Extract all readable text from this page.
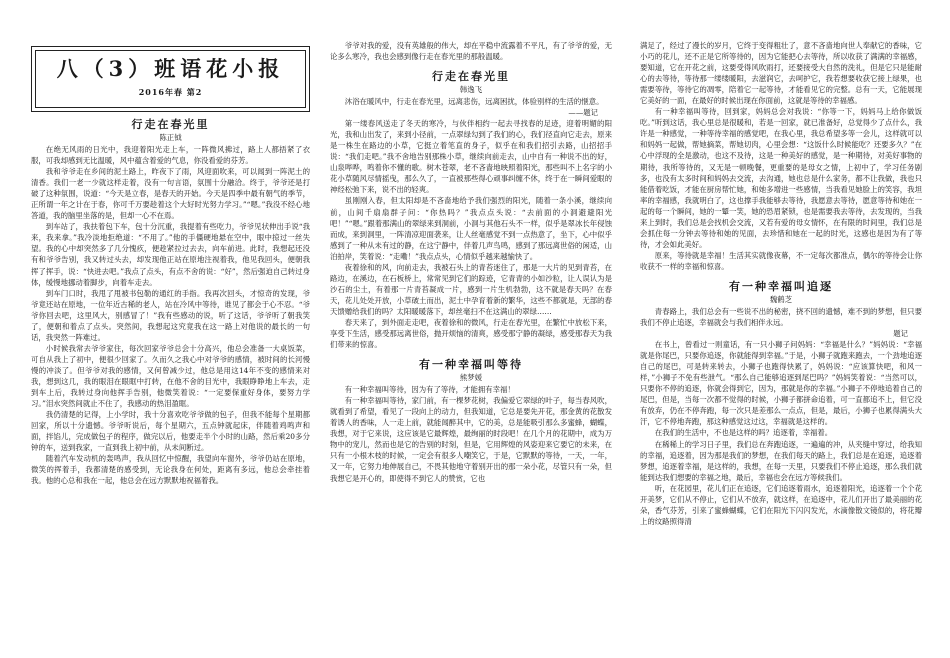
八（3）班语花小报
2016年春 第2
行走在春光里
陈正钺

在绝无风雨的日光中，我迎着阳光走上车，一阵微风拂过，路上人都捂紧了衣服，可我却感到无比温暖，风中蕴含着爱的气息，你没看爱的芬芳。

我和爷爷走在乡间的泥土路上，昨夜下了雨，风迎面吹来，可以闻到一阵泥土的清香。我们一老一少就这样走着，没有一句言语，氛围十分融洽。终于，爷爷还是打破了这种氛围，说道：“今天是立春，是春天的开始。今天是四季中最有朝气的季节，正所谓一年之计在于春，你可千万要趁着这个大好时光努力学习。”“嗯。”我没不经心地答道，我的脑里坐落的是，但却一心不在焉。

到车站了，我扶着包下车，包十分沉重，我提着有些吃力，爷爷见状伸出手说“我来，我来拿。”我冷淡地拒绝道：“不用了。”他的手僵硬地悬在空中，眼中掠过一丝失望。我的心中却突然多了几分愧疚，便趁紧拉过去去，向车前进。此时，我想起还没有和爷爷告别，我又转过头去，却发现他正站在原地注视着我，他见我回头，便朝我挥了挥手，说：“快进去吧。”我点了点头，有点不舍的说：“好”，然后强迫自己转过身体，缓慢地挪动着脚步，向着车走去。

到车门口时，我甩了甩被书包勒的通红的手指。我再次回头，才惊奇的发现，爷爷竟还站在原地，一位年近古稀的老人，站在冷风中等待，谁见了都会于心不忍。“爷爷你回去吧，这里风大，别感冒了！”我有些感动的说，听了这话，爷爷听了朝我笑了，便朝和着点了点头。突然间，我想起这究竟我在这一路上对他说的最长的一句话，我突然一阵难过。

小时候我常去爷爷家住，每次回家爷爷总会十分高兴，他总会准备一大桌饭菜，可自从我上了初中，便很少回家了。久而久之我心中对爷爷的感情，被时间的长河慢慢的冲淡了。但爷爷对我的感情，又何曾减少过，他总是用这14年不变的感情来对我，想到这几，我的眼泪在眼眶中打转，在他不舍的目光中，我眼睁睁地上车去，走到车上后，我转过身向他挥手告别，他微笑着说：“一定要保重好身体，要努力学习。”泪水突然间就止不住了，我感动的热泪盈眶。

我仍清楚的记得，上小学时，我十分喜欢吃爷爷做的包子，但我不能每个星期都回家，所以十分遗憾。爷爷听说后，每个星期六，五点钟就起床，伴随着鸡鸣声和面，拌馅儿，完成做包子的程序，做完以后，他要走半个小时的山路，然后乘20多分钟的车，送到我家，一直到我上初中前，从未间断过。

随着汽车发动机的轰鸣声，我从回忆中惊醒，我望向车窗外，爷爷仍站在原地，微笑的挥着手，我都清楚的感受到，无论我身在何处，距离有多远，他总会牵挂着我。他的心总和我在一起，他总会在远方默默地祝福着我。

爷爷对我的爱，没有英雄般的伟大，却在平稳中流露着不平凡，有了爷爷的爱，无论多么寒冷，我也会感到像行走在春光里的那般温暖。

行走在春光里
韩逸飞

沐浴在暖风中，行走在春光里，远离悲伤，远离困扰，体验别样的生活的惬意。

——题记

第一缕春风送走了冬天的寒冷，与伙伴相约一起去寻找春的足迹，迎着明媚的阳光，我和山出发了，来到小径前，一点翠绿勾到了我们的心，我们径直向它走去，原来是一株生在路边的小草，它挺立着笔直的身子，似乎在和我们招引去路，山招招手说：“我们走吧。”我不舍地告别那株小草，继续向前走去，山中自有一种说不出的好，山泉哔哗，鸣着你不懂的歌。树木苍翠，老不吝啬地映照着阳光，那些叫不上名字的小花小草随风尽情摇曳，那么久了，一直被那些得心顽事纠缠不休，终于在一瞬间爱眼的神经松弛下来，说不出的轻爽。

虽刚刚入春，但太阳却是不吝啬地给予我们强烈的阳光，随着一条小溪，继续向前，山间千扇扇群子问：“你热吗？”我点点头说：“去前面的小洞避避阳光吧！”“嗯。”跟着那满山的翠绿来到洞前，小洞与其他石头不一样，似乎是翠冰长年侵蚀而成，来到洞里，一阵清凉迎面袭来，让人丝毫感觉不到一点热意了，坐下，心中似乎感到了一种从未有过的静，在这宁静中，伴着几声鸟鸣，感到了那远离世俗的闲适，山泊拍岸，笑着说：“走嘞！”我点点头，心情似乎越来越愉快了。

夜着徐和的风，向前走去，我被石头上的青苔迷住了，那是一大片的见到青苔，在路边，在溪边，在石板桥上，常常见到它们的踪迹，它青青的小如沙粒，让人误认为是沙石的尘土，有着那一片青苔凝成一片，感到一片生机勃勃，这不就是春天吗？在春天，花儿处处开放，小草破土而出，泥土中孕育着新的繁华，这些不都就是，无部的春天馈赠给我们的吗？太阳暖暖落下，却丝毫扫不在这满山的翠绿……

春天来了，到外面走走吧，夜着徐和的微风，行走在春光里，在繁忙中放松下来，享受下生活，感受那远离世俗，抛开烦恼的清爽，感受那宁静的凝绿，感受那春天为我们带来的惊喜。

有一种幸福叫等待
熊梦媛

有一种幸福叫等待，因为有了等待，才能拥有幸福！

有一种幸福叫等待，家门前，有一棵梦花树，我偏爱它翠绿的叶子，每当春风吹，就看到了希望，看见了一段向上的动力，但我知道，它总是要先开花，那金黄的花散发着诱人的香味，人一走上前，就能闻醉其中，它的美，总是能吸引那么多蜜蜂，蝴蝶，我想，对于它来说，这应该是它最辉煌，最绚丽的时段吧！在几个月的花期中，成为万物中的宠儿，然而也是它的告别的时刻，但是，它用辉煌的风姿迎来它要它的未来，在只有一小根木枝的时候，一定会有很多人嘲笑它，于是，它默默的等待，一天，一年，又一年，它努力地伸展自己，不畏其他地守着别开出的那一朵小花，尽管只有一朵，但我想它是开心的，即使得不到它人的赞赏，它也

满足了，经过了漫长的岁月，它终于变得粗壮了，意不吝啬地向世人奉献它的香味，它小巧的花儿，还不正是它所等待的，因为它能把心去等待，所以收获了满满的幸福感，要知道，它在开花之前，这要受得风吹雨打，还要接受大自然的洗礼，但是它只是能耐心的去等待，等待那一缕缕暖阳，去滋润它，去呵护它，我若想要收获它接上绿果，也需要等待，等待它的凋零，陪着它一起等待，才能看见它的完整。总有一天，它能展现它美好的一面，在最好的时候出现在你面前，这就是等待的幸福感。

有一种幸福叫等待，回到家，妈妈总会对我说：“你等一下，妈妈马上给你做饭吃。”听到这话，我心里总是很暖和，若是一回家，就已准备好，总觉得少了点什么，我许是一种感觉，一种等待幸福的感觉吧，在我心里，我总希望多等一会儿，这样就可以和妈妈一起做，帮她摘菜，帮她切肉，心里会想：“这饭什么时候能吃？还要多久？”在心中浮现的全是激动，也这不及待，这是一种美好的感觉，是一种期待，对美好事物的期待，我所等待的，又无是一顿晚餐，更重要的是母女之情，上初中了，学习任务剧多，也没有太多时间和妈妈去交流，去沟通，她也总是什么家务，都不让我做，我也只能借着吃饭，才能在厨房帮忙她，和她多增进一些感情，当我看见她脸上的笑容，我坦率的幸福感，我就明白了，这也撑手我能够去等待，我愿意去等待，愿意等待和她在一起的每一个瞬间，她的一颦一笑，她的恐眉紧锁，也是需要我去等待，去发现的，当我来上到时，我们总是会找机会交流，又若有爱的母女情怀，在有限的时间里，我们总是会抓住每一分钟去等待和她的见面，去珍惜和她在一起的时光，这感也是因为有了等待，才会如此美好。

原来，等待就是幸福！生活其实就像夜幕，不一定每次都准点，偶尔的等待会让你收获不一样的幸福和惊喜。

有一种幸福叫追逐
魏鹤芝

青春路上，我们总会有一些说不出的秘密，挠不回的遗憾，难不到的梦想，但只要我们不停止追逐，幸福就会与我们相伴永远。

题记

在书上，曾看过一则童话，有一只小狮子问妈妈：“幸福是什么？”妈妈说：“幸福就是你尾巴，只要你追逐，你就能得到幸福。”于是，小狮子就跑来跑去，一个劲地追逐自己的尾巴，可是转来转去，小狮子也跑得快累了，妈妈说：“应该算快吧，和风一样，”小狮子不免有些泄气。“那么自己能够追逐到尾巴吗？”妈妈笑着说：“当然可以，只要你不停的追逐，你就会得到它，因为，那就是你的幸福。”小狮子不停地追着自己的尾巴，但是，当每一次都不觉得的时候，小狮子都拼命追着，可一直都追不上，但它没有放弃，仍在不停奔跑，每一次只是差那么一点点，但是，最后，小狮子也累得满头大汗，它不停地奔跑，那这种感觉这过这，幸福就是这样的。

在我们的生活中，不也是这样的吗？追逐着，幸福着。

在稀稀上的学习日子里，我们总在奔跑追逐，一遍遍的冲，从夹缝中穿过，给我知的幸福，追逐着，因为那是我们的梦想，在我们每天的路上，我们总是在追逐，追逐着梦想，追逐着幸福，是这样的，我想，在每一天里，只要我们不停止追逐，那么我们就能到达我们想要的幸福之地，最后，幸福也会在远方等候我们。

听，在花园里，花儿们正在追逐，它们追逐着雨水，追逐着阳光，追逐着一个个花开美梦，它们从不停止，它们从不放弃，就这样，在追逐中，花儿们开出了最美丽的花朵，香气芬芳，引来了蜜蜂蝴蝶，它们在阳光下闪闪发光，水滴像散文镜似的，将花瓣上的纹路照得清
